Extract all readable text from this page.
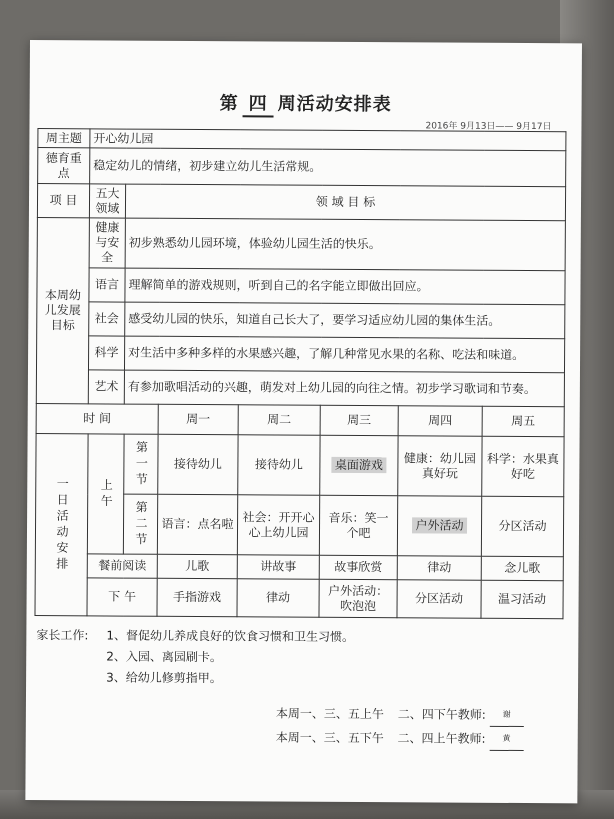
第 四 周活动安排表
2016年 9月13日—— 9月17日
周主题	开心幼儿园						
德育重点	稳定幼儿的情绪，初步建立幼儿生活常规。						
项 目	五大领域	领 域 目 标					
本周幼儿发展目标	健康与安全	初步熟悉幼儿园环境，体验幼儿园生活的快乐。					
	语言	理解简单的游戏规则，听到自己的名字能立即做出回应。					
	社会	感受幼儿园的快乐，知道自己长大了，要学习适应幼儿园的集体生活。					
	科学	对生活中多种多样的水果感兴趣，了解几种常见水果的名称、吃法和味道。					
	艺术	有参加歌唱活动的兴趣，萌发对上幼儿园的向往之情。初步学习歌词和节奏。					
时 间			周一	周二	周三	周四	周五

一日活动安排	上午	第一节	接待幼儿	接待幼儿	桌面游戏	健康：幼儿园真好玩	科学：水果真好吃

		第二节	语言：点名啦	社会：开开心心上幼儿园	音乐：笑一个吧	户外活动	分区活动
	餐前阅读		儿歌	讲故事	故事欣赏	律动	念儿歌
	下 午		手指游戏	律动	户外活动：吹泡泡	分区活动	温习活动
家长工作: 1、督促幼儿养成良好的饮食习惯和卫生习惯。
2、入园、离园刷卡。
3、给幼儿修剪指甲。
本周一、三、五上午 二、四下午教师: 谢
本周一、三、五下午 二、四上午教师: 黄
